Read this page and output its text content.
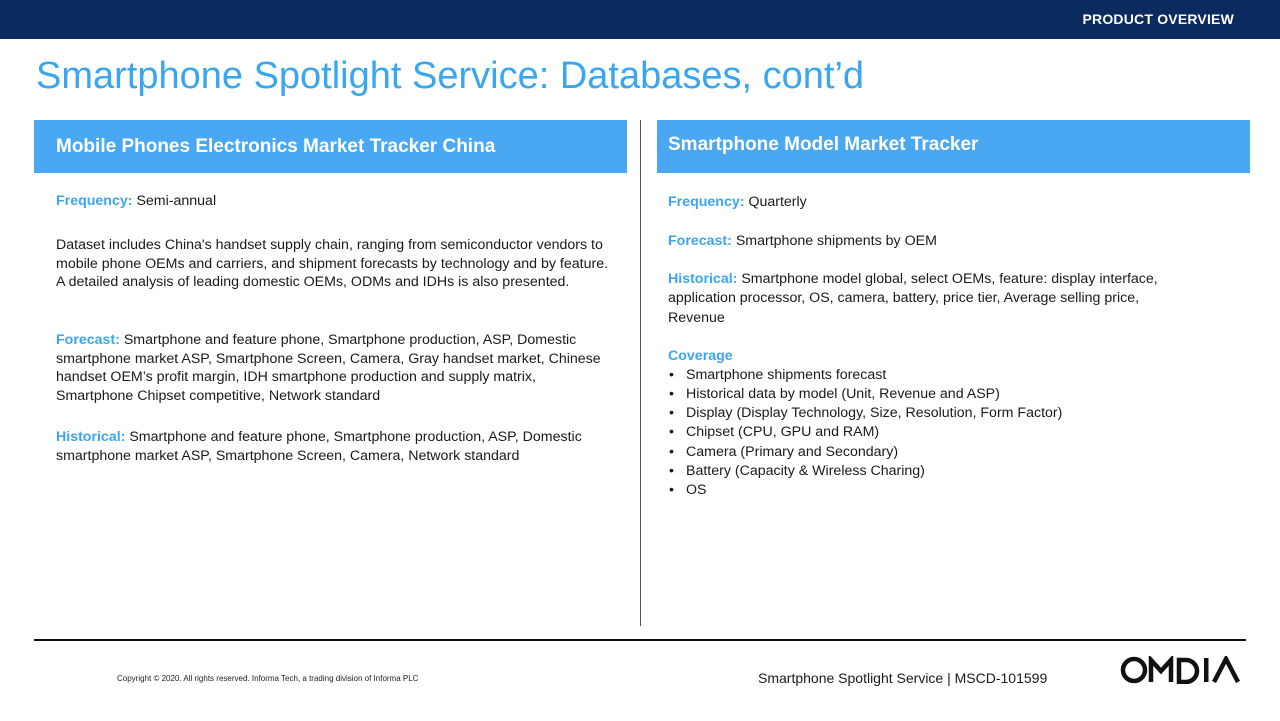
PRODUCT OVERVIEW
Smartphone Spotlight Service: Databases, cont’d
Mobile Phones Electronics Market Tracker China
Frequency: Semi-annual
Dataset includes China's handset supply chain, ranging from semiconductor vendors to mobile phone OEMs and carriers, and shipment forecasts by technology and by feature. A detailed analysis of leading domestic OEMs, ODMs and IDHs is also presented.
Forecast: Smartphone and feature phone, Smartphone production, ASP, Domestic smartphone market ASP, Smartphone Screen, Camera, Gray handset market, Chinese handset OEM’s profit margin, IDH smartphone production and supply matrix, Smartphone Chipset competitive, Network standard
Historical: Smartphone and feature phone, Smartphone production, ASP, Domestic smartphone market ASP, Smartphone Screen, Camera, Network standard
Smartphone Model Market Tracker
Frequency: Quarterly
Forecast: Smartphone shipments by OEM
Historical: Smartphone model global, select OEMs, feature: display interface, application processor, OS, camera, battery, price tier, Average selling price, Revenue
Coverage
• Smartphone shipments forecast
• Historical data by model (Unit, Revenue and ASP)
• Display (Display Technology, Size, Resolution, Form Factor)
• Chipset (CPU, GPU and RAM)
• Camera (Primary and Secondary)
• Battery (Capacity & Wireless Charing)
• OS
Copyright © 2020. All rights reserved. Informa Tech, a trading division of Informa PLC	Smartphone Spotlight Service | MSCD-101599
